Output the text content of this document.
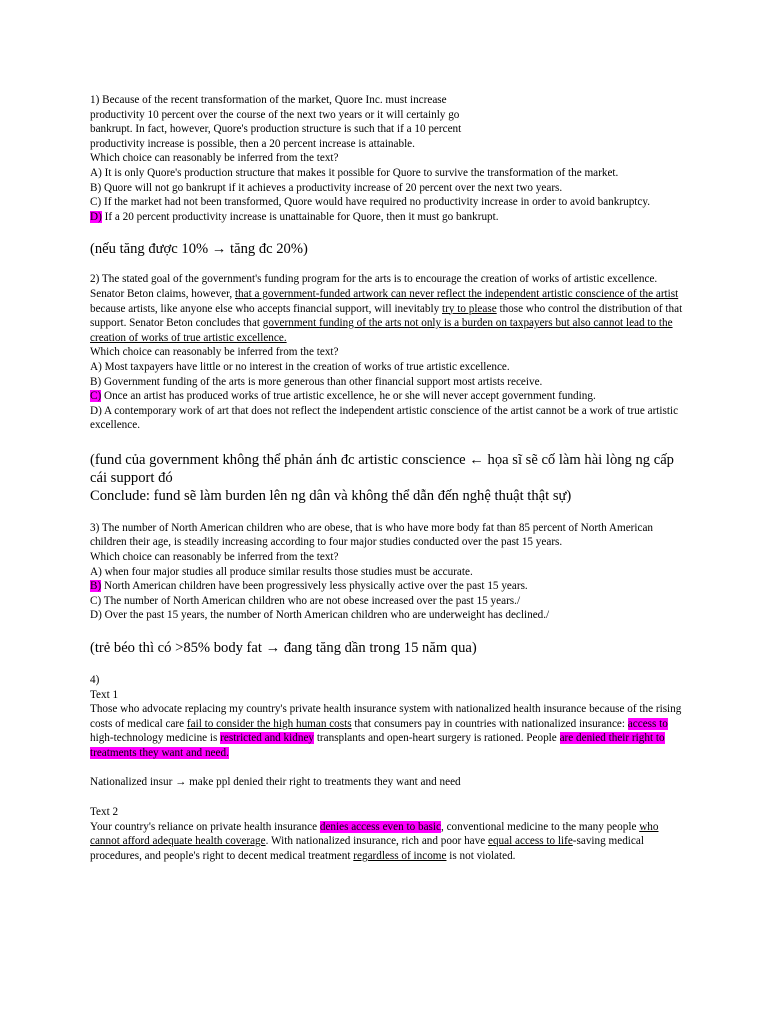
1) Because of the recent transformation of the market, Quore Inc. must increase

productivity 10 percent over the course of the next two years or it will certainly go

bankrupt. In fact, however, Quore's production structure is such that if a 10 percent

productivity increase is possible, then a 20 percent increase is attainable.

Which choice can reasonably be inferred from the text?

A) It is only Quore's production structure that makes it possible for Quore to survive the transformation of the market.

B) Quore will not go bankrupt if it achieves a productivity increase of 20 percent over the next two years.

C) If the market had not been transformed, Quore would have required no productivity increase in order to avoid bankruptcy.

D) If a 20 percent productivity increase is unattainable for Quore, then it must go bankrupt.

(nếu tăng được 10% → tăng đc 20%)

2) The stated goal of the government's funding program for the arts is to encourage the creation of works of artistic excellence. Senator Beton claims, however, that a government-funded artwork can never reflect the independent artistic conscience of the artist because artists, like anyone else who accepts financial support, will inevitably try to please those who control the distribution of that support. Senator Beton concludes that government funding of the arts not only is a burden on taxpayers but also cannot lead to the creation of works of true artistic excellence.

Which choice can reasonably be inferred from the text?

A) Most taxpayers have little or no interest in the creation of works of true artistic excellence.

B) Government funding of the arts is more generous than other financial support most artists receive.

C) Once an artist has produced works of true artistic excellence, he or she will never accept government funding.

D) A contemporary work of art that does not reflect the independent artistic conscience of the artist cannot be a work of true artistic excellence.

(fund của government không thể phản ánh đc artistic conscience ← họa sĩ sẽ cố làm hài lòng ng cấp cái support đó

Conclude: fund sẽ làm burden lên ng dân và không thể dẫn đến nghệ thuật thật sự)

3) The number of North American children who are obese, that is who have more body fat than 85 percent of North American children their age, is steadily increasing according to four major studies conducted over the past 15 years.

Which choice can reasonably be inferred from the text?

A) when four major studies all produce similar results those studies must be accurate.

B) North American children have been progressively less physically active over the past 15 years.

C) The number of North American children who are not obese increased over the past 15 years./

D) Over the past 15 years, the number of North American children who are underweight has declined./

(trẻ béo thì có >85% body fat → đang tăng dần trong 15 năm qua)

4)

Text 1

Those who advocate replacing my country's private health insurance system with nationalized health insurance because of the rising costs of medical care fail to consider the high human costs that consumers pay in countries with nationalized insurance: access to high-technology medicine is restricted and kidney transplants and open-heart surgery is rationed. People are denied their right to treatments they want and need.

Nationalized insur → make ppl denied their right to treatments they want and need

Text 2

Your country's reliance on private health insurance denies access even to basic, conventional medicine to the many people who cannot afford adequate health coverage. With nationalized insurance, rich and poor have equal access to life-saving medical procedures, and people's right to decent medical treatment regardless of income is not violated.
